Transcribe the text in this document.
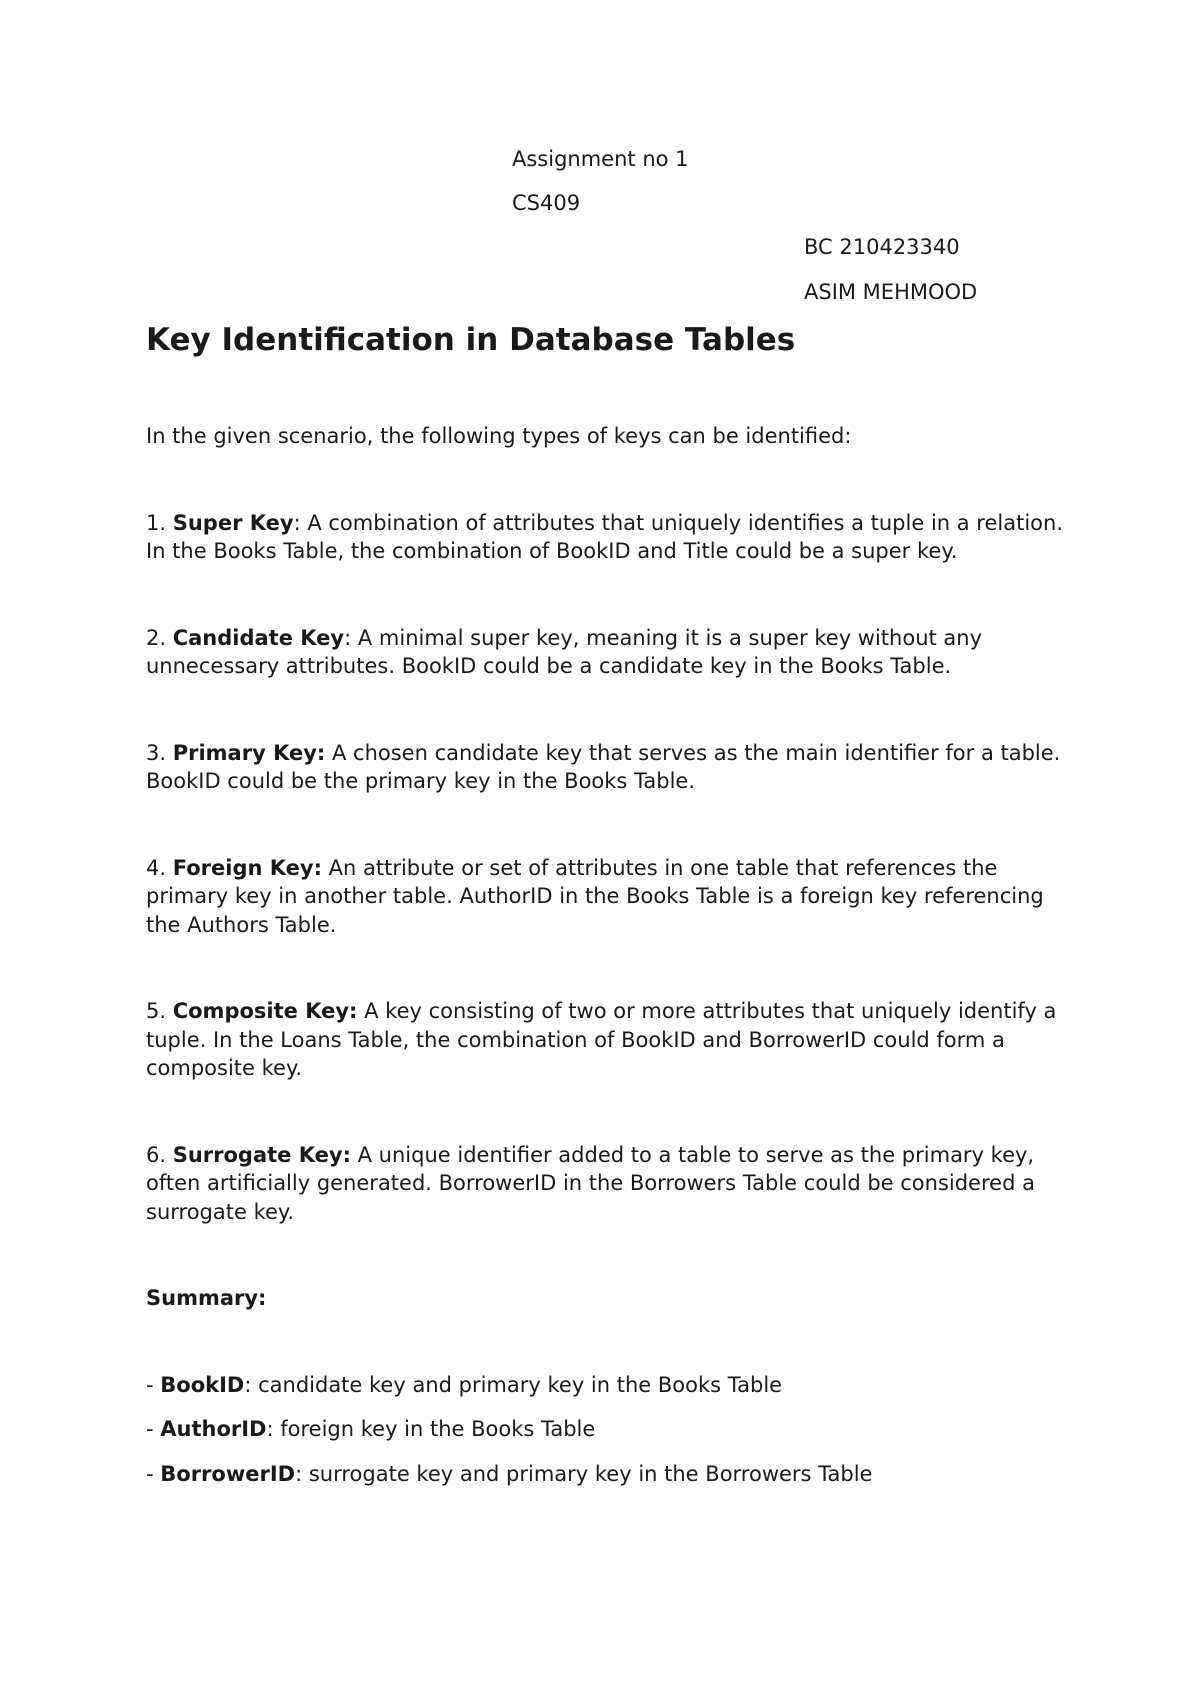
Assignment no 1
CS409
BC 210423340
ASIM MEHMOOD
Key Identification in Database Tables

In the given scenario, the following types of keys can be identified:

1. Super Key: A combination of attributes that uniquely identifies a tuple in a relation. In the Books Table, the combination of BookID and Title could be a super key.

2. Candidate Key: A minimal super key, meaning it is a super key without any unnecessary attributes. BookID could be a candidate key in the Books Table.

3. Primary Key: A chosen candidate key that serves as the main identifier for a table. BookID could be the primary key in the Books Table.

4. Foreign Key: An attribute or set of attributes in one table that references the primary key in another table. AuthorID in the Books Table is a foreign key referencing the Authors Table.

5. Composite Key: A key consisting of two or more attributes that uniquely identify a tuple. In the Loans Table, the combination of BookID and BorrowerID could form a composite key.

6. Surrogate Key: A unique identifier added to a table to serve as the primary key, often artificially generated. BorrowerID in the Borrowers Table could be considered a surrogate key.

Summary:

- BookID: candidate key and primary key in the Books Table

- AuthorID: foreign key in the Books Table

- BorrowerID: surrogate key and primary key in the Borrowers Table
